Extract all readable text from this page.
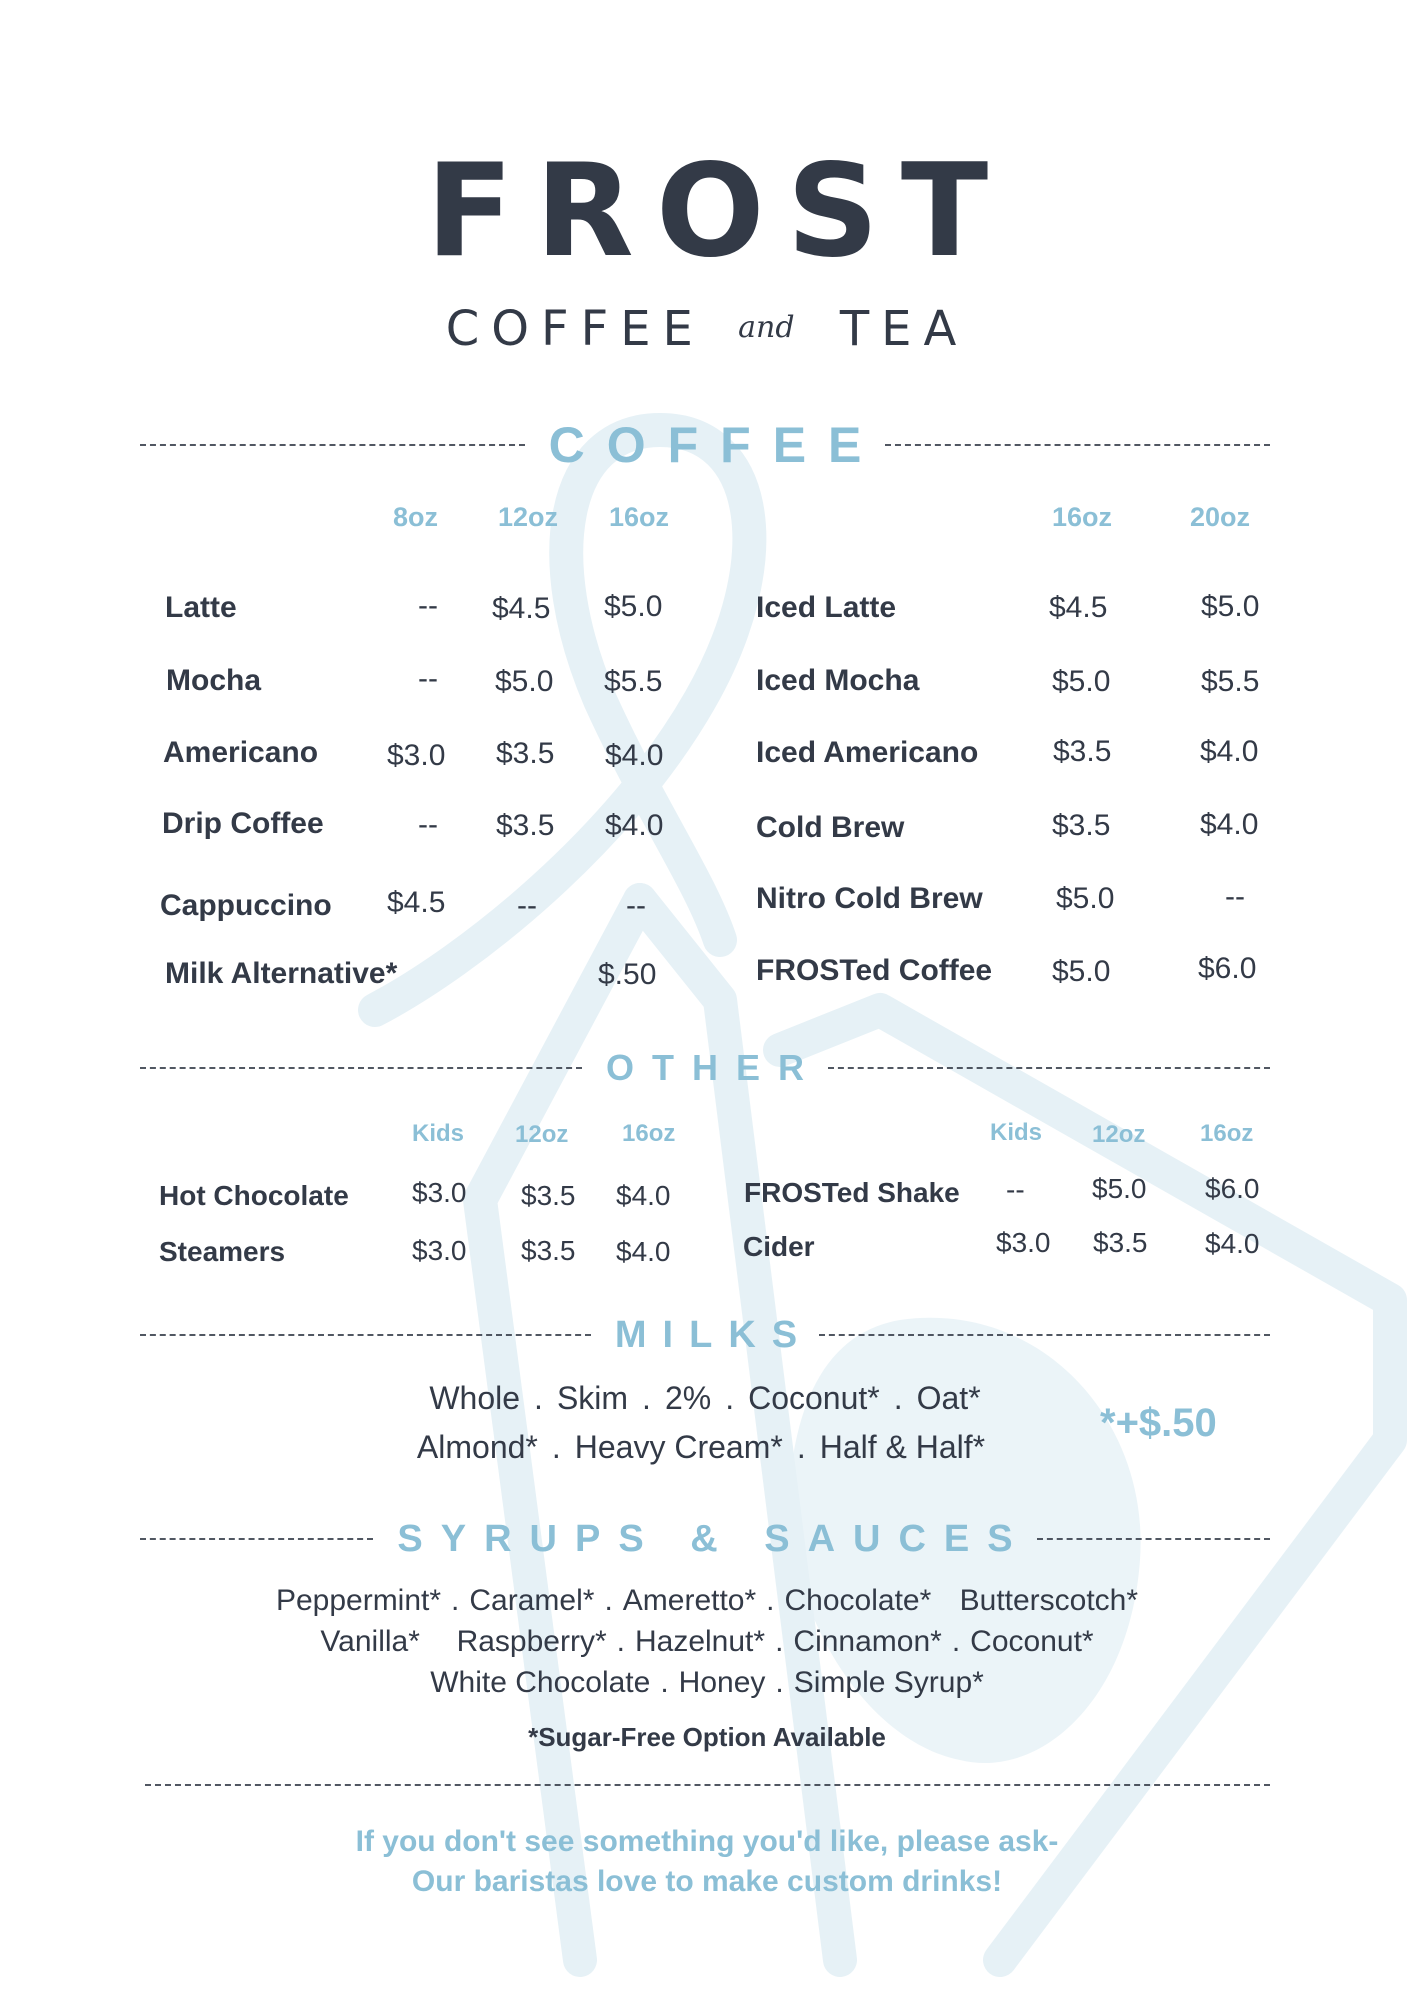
FROST
COFFEE and TEA
COFFEE
8oz 12oz 16oz	16oz	20oz
Latte	-- $4.5 $5.0
Mocha	-- $5.0 $5.5
Americano $3.0 $3.5 $4.0
Drip Coffee	-- $3.5 $4.0
Cappuccino $4.5 --	--
Milk Alternative*	$.50
Iced Latte	$4.5	$5.0
Iced Mocha	$5.0	$5.5
Iced Americano $3.5	$4.0
Cold Brew	$3.5	$4.0
Nitro Cold Brew $5.0	--
FROSTed Coffee $5.0	$6.0
OTHER
Kids 12oz 16oz	Kids 12oz 16oz
Hot Chocolate $3.0 $3.5 $4.0
Steamers	$3.0 $3.5 $4.0
FROSTed Shake -- $5.0 $6.0
Cider	$3.0 $3.5 $4.0
MILKS
Whole . Skim . 2% . Coconut* . Oat*
Almond* . Heavy Cream* . Half & Half*
*+$.50
SYRUPS & SAUCES
Peppermint* . Caramel* . Ameretto* . Chocolate* Butterscotch*
Vanilla* Raspberry* . Hazelnut* . Cinnamon* . Coconut*
White Chocolate . Honey . Simple Syrup*
*Sugar-Free Option Available
If you don't see something you'd like, please ask-
Our baristas love to make custom drinks!
